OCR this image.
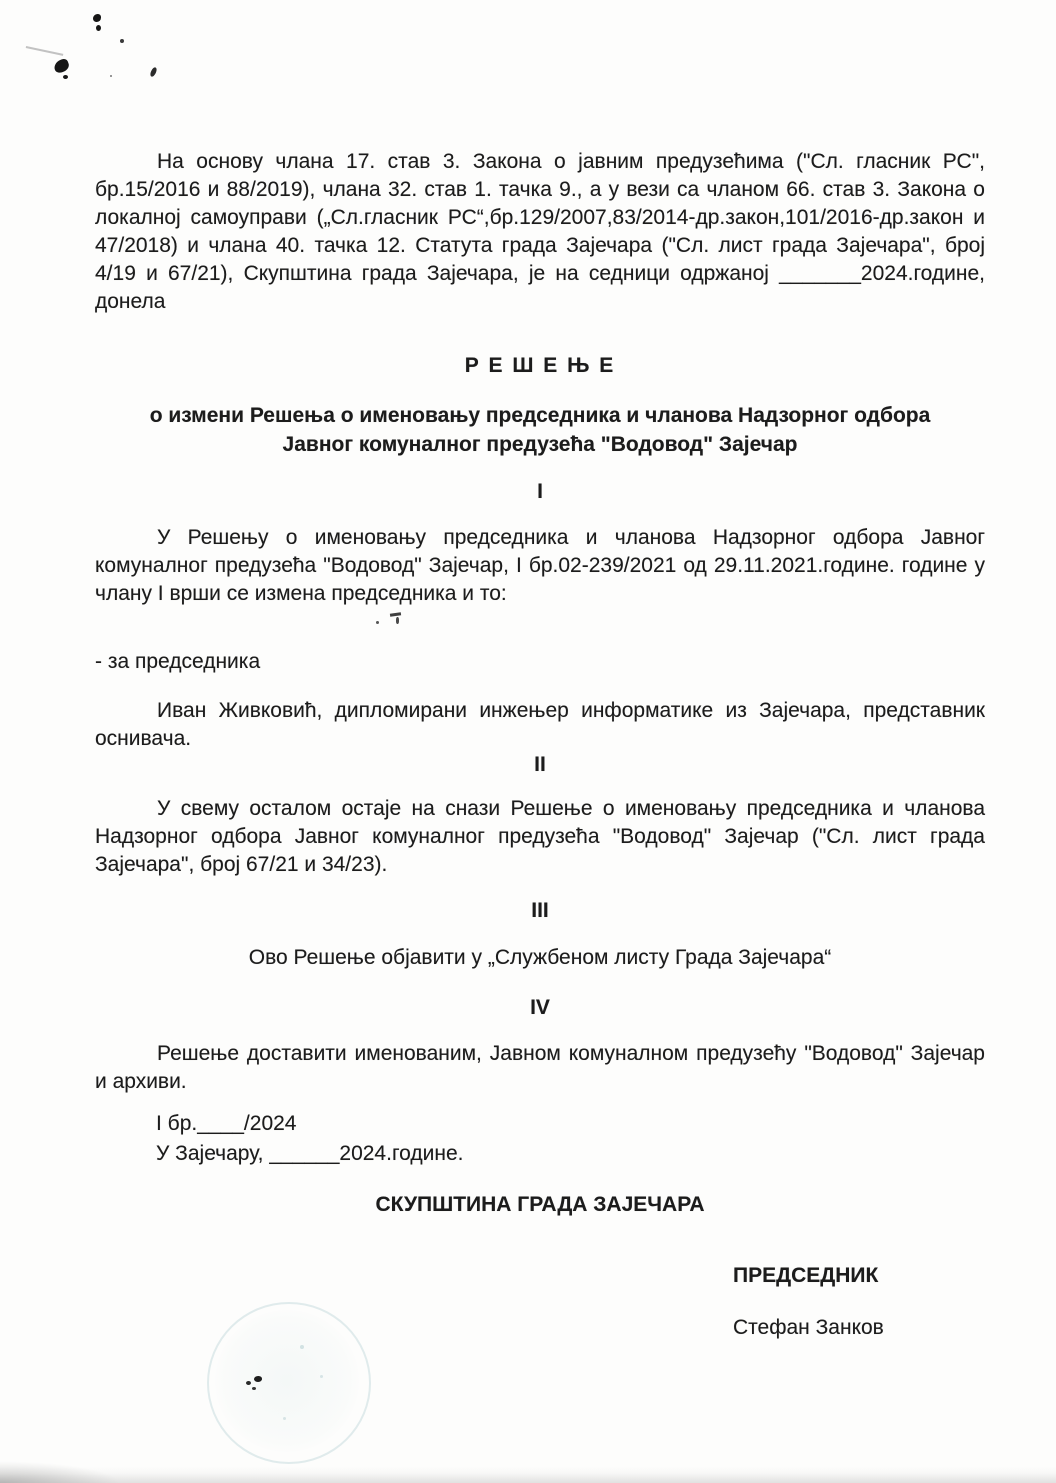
На основу члана 17. став 3. Закона о јавним предузећима ("Сл. гласник РС", бр.15/2016 и 88/2019), члана 32. став 1. тачка 9., а у вези са чланом 66. став 3. Закона о локалној самоуправи („Сл.гласник РС“,бр.129/2007,83/2014-др.закон,101/2016-др.закон и 47/2018) и члана 40. тачка 12. Статута града Зајечара ("Сл. лист града Зајечара", број 4/19 и 67/21), Скупштина града Зајечара, је на седници одржаној _______2024.године, донела
Р Е Ш Е Њ Е
о измени Решења о именовању председника и чланова Надзорног одбора
Јавног комуналног предузећа "Водовод" Зајечар
I
У Решењу о именовању председника и чланова Надзорног одбора Јавног комуналног предузећа "Водовод" Зајечар, I бр.02-239/2021 од 29.11.2021.године. године у члану I врши се измена председника и то:
- за председника
Иван Живковић, дипломирани инжењер информатике из Зајечара, представник оснивача.
II
У свему осталом остаје на снази Решење о именовању председника и чланова Надзорног одбора Јавног комуналног предузећа "Водовод" Зајечар ("Сл. лист града Зајечара", број 67/21 и 34/23).
III
Ово Решење објавити у „Службеном листу Града Зајечара“
IV
Решење доставити именованим, Јавном комуналном предузећу "Водовод" Зајечар и архиви.
I бр.____/2024
У Зајечару, ______2024.године.
СКУПШТИНА ГРАДА ЗАЈЕЧАРА
ПРЕДСЕДНИК
Стефан Занков
